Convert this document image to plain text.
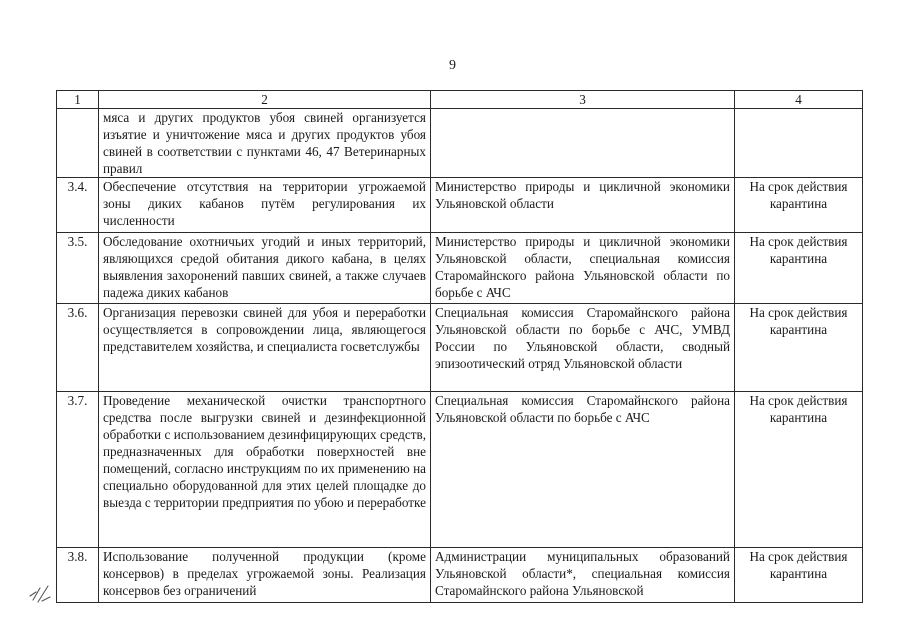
9
1	2	3	4
	мяса и других продуктов убоя свиней организуется изъятие и уничтожение мяса и других продуктов убоя свиней в соответствии с пунктами 46, 47 Ветеринарных правил		
3.4.	Обеспечение отсутствия на территории угрожаемой зоны диких кабанов путём регулирования их численности	Министерство природы и цикличной экономики Ульяновской области	На срок действия карантина
3.5.	Обследование охотничьих угодий и иных территорий, являющихся средой обитания дикого кабана, в целях выявления захоронений павших свиней, а также случаев падежа диких кабанов	Министерство природы и цикличной экономики Ульяновской области, специальная комиссия Старомайнского района Ульяновской области по борьбе с АЧС	На срок действия карантина
3.6.	Организация перевозки свиней для убоя и переработки осуществляется в сопровождении лица, являющегося представителем хозяйства, и специалиста госветслужбы	Специальная комиссия Старомайнского района Ульяновской области по борьбе с АЧС, УМВД России по Ульяновской области, сводный эпизоотический отряд Ульяновской области	На срок действия карантина
3.7.	Проведение механической очистки транспортного средства после выгрузки свиней и дезинфекционной обработки с использованием дезинфицирующих средств, предназначенных для обработки поверхностей вне помещений, согласно инструкциям по их применению на специально оборудованной для этих целей площадке до выезда с территории предприятия по убою и переработке	Специальная комиссия Старомайнского района Ульяновской области по борьбе с АЧС	На срок действия карантина
3.8.	Использование полученной продукции (кроме консервов) в пределах угрожаемой зоны. Реализация консервов без ограничений	Администрации муниципальных образований Ульяновской области*, специальная комиссия Старомайнского района Ульяновской	На срок действия карантина
